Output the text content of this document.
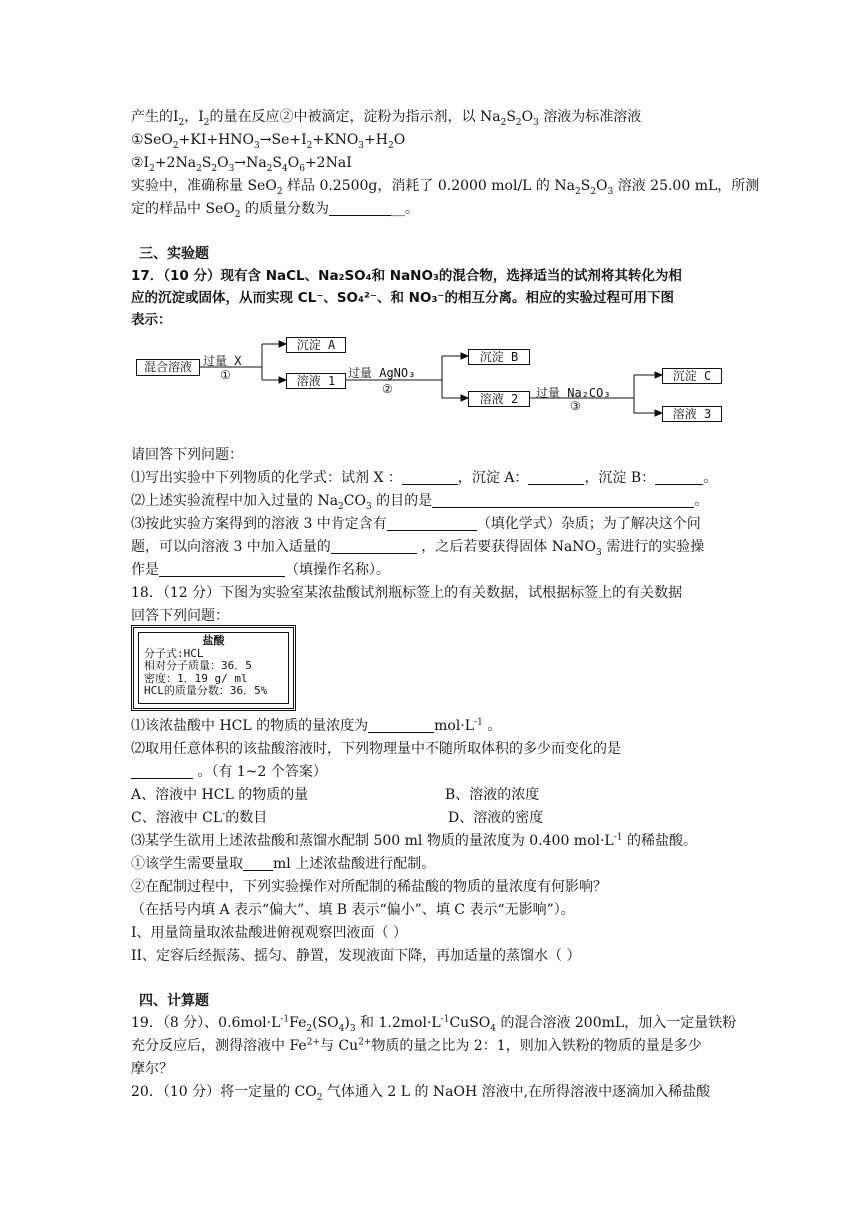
产生的$I_2$，$I_2$的量在反应②中被滴定，淀粉为指示剂，以 $Na_2S_2O_3$ 溶液为标准溶液
$①SeO_2+KI+HNO_3\to Se+I_2+KNO_3+H_2O$
$②I_2+2Na_2S_2O_3\to Na_2S_4O_6+2NaI$
实验中，准确称量 SeO$_2$ 样品 0.2500g，消耗了 0.2000 mol/L 的 $Na_2S_2O_3$ 溶液 25.00 mL，所测
定的样品中 SeO$_2$ 的质量分数为	__。
三、实验题
17．（10 分）现有含 NaCL、Na₂SO₄和 NaNO₃的混合物，选择适当的试剂将其转化为相
应的沉淀或固体，从而实现 CL⁻、SO₄²⁻、和 NO₃⁻的相互分离。相应的实验过程可用下图
表示：
混合溶液 过量 X
①
沉淀 A
溶液 1
过量 AgNO₃
②
沉淀 B
溶液 2	过量 Na₂CO₃
③
沉淀 C
溶液 3
请回答下列问题：
⑴写出实验中下列物质的化学式：试剂 X ：	，沉淀 A：	，沉淀 B：	。
⑵上述实验流程中加入过量的 $Na_2CO_3$ 的目的是	。
⑶按此实验方案得到的溶液 3 中肯定含有	（填化学式）杂质；为了解决这个问
题，可以向溶液 3 中加入适量的	，之后若要获得固体 NaNO$_3$ 需进行的实验操
作是	（填操作名称）。
18．（12 分）下图为实验室某浓盐酸试剂瓶标签上的有关数据，试根据标签上的有关数据
回答下列问题：
盐酸
分子式:HCL
相对分子质量：36．5
密度：1．19 g/ ml
HCL的质量分数：36．5%
⑴该浓盐酸中 HCL 的物质的量浓度为	$mol\cdot L^{-1}$ 。
⑵取用任意体积的该盐酸溶液时，下列物理量中不随所取体积的多少而变化的是
。（有 1~2 个答案）
A、溶液中 HCL 的物质的量	B、溶液的浓度
C、溶液中 CL-的数目	D、溶液的密度
⑶某学生欲用上述浓盐酸和蒸馏水配制 500 ml 物质的量浓度为 0.400 $mol\cdot L^{-1}$ 的稀盐酸。
①该学生需要量取 ml 上述浓盐酸进行配制。
②在配制过程中，下列实验操作对所配制的稀盐酸的物质的量浓度有何影响？
（在括号内填 A 表示“偏大”、填 B 表示“偏小”、填 C 表示“无影响”）。
I、用量筒量取浓盐酸进俯视观察凹液面（ ）
II、定容后经振荡、摇匀、静置，发现液面下降，再加适量的蒸馏水（ ）
四、计算题
19．（8 分）、$0.6mol\cdot L^{-1}Fe_2(SO_4)_3$ 和 $1.2mol\cdot L^{-1}CuSO_4$ 的混合溶液 200mL，加入一定量铁粉
充分反应后，测得溶液中 $Fe^{2+}$与 $Cu^{2+}$物质的量之比为 2：1，则加入铁粉的物质的量是多少
摩尔？
20．（10 分）将一定量的 $CO_2$ 气体通入 2 L 的 NaOH 溶液中,在所得溶液中逐滴加入稀盐酸
